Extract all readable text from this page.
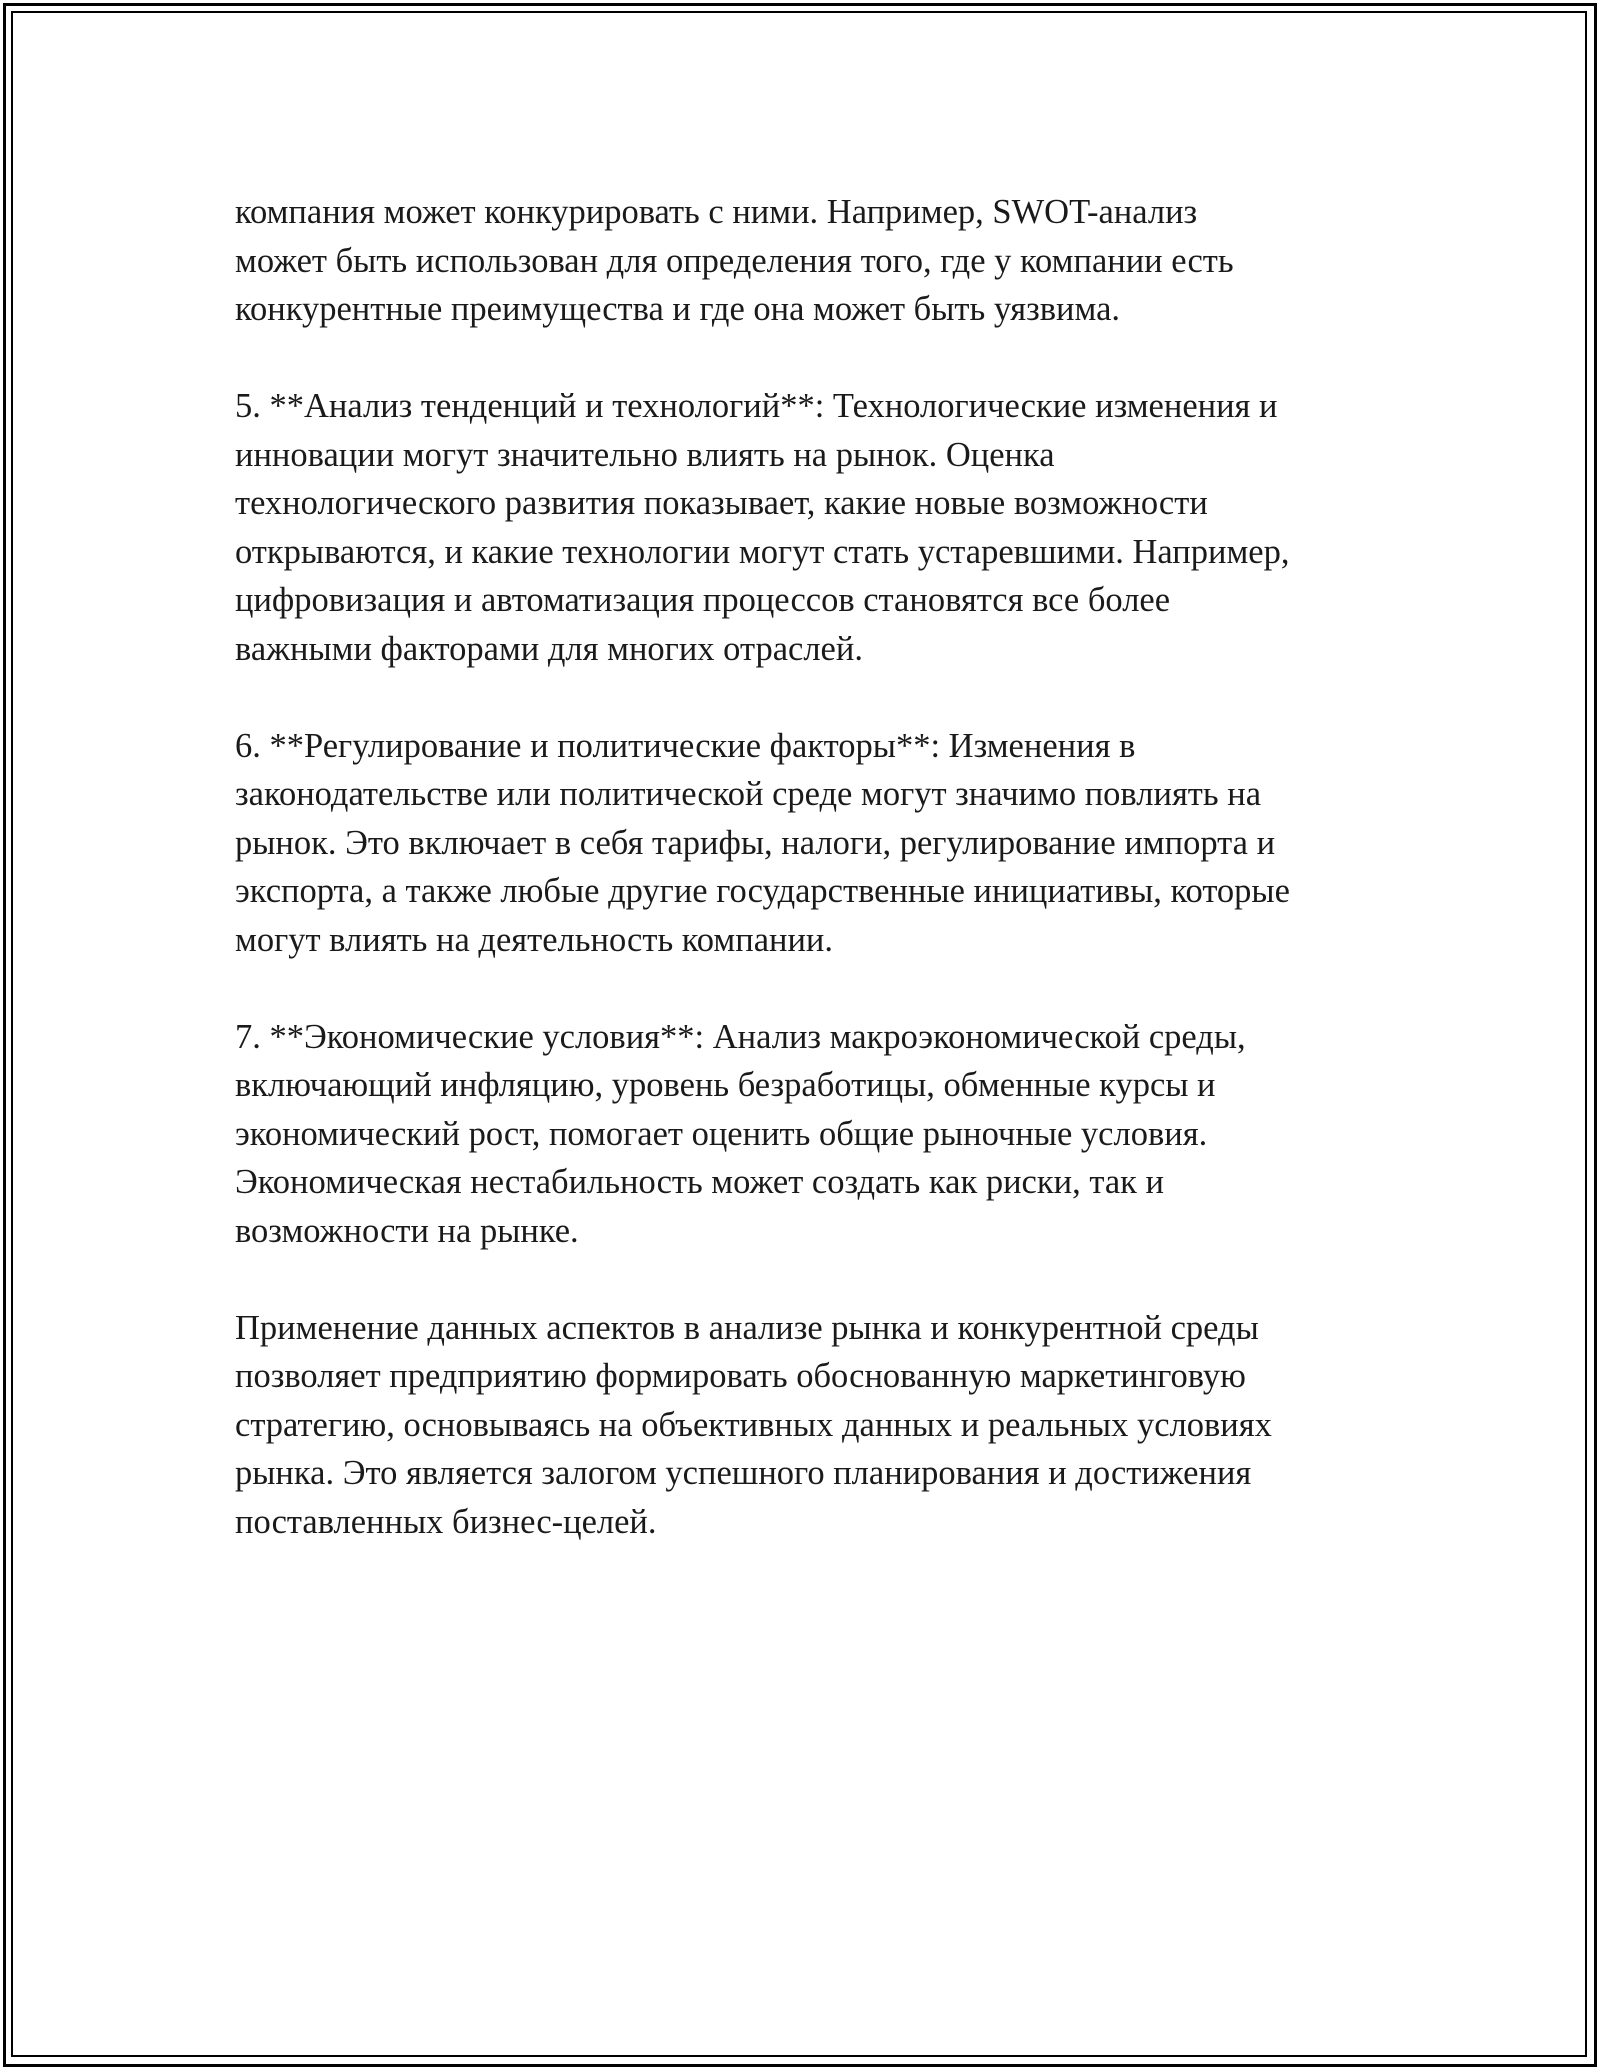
компания может конкурировать с ними. Например, SWOT-анализ
может быть использован для определения того, где у компании есть
конкурентные преимущества и где она может быть уязвима.

5. **Анализ тенденций и технологий**: Технологические изменения и
инновации могут значительно влиять на рынок. Оценка
технологического развития показывает, какие новые возможности
открываются, и какие технологии могут стать устаревшими. Например,
цифровизация и автоматизация процессов становятся все более
важными факторами для многих отраслей.

6. **Регулирование и политические факторы**: Изменения в
законодательстве или политической среде могут значимо повлиять на
рынок. Это включает в себя тарифы, налоги, регулирование импорта и
экспорта, а также любые другие государственные инициативы, которые
могут влиять на деятельность компании.

7. **Экономические условия**: Анализ макроэкономической среды,
включающий инфляцию, уровень безработицы, обменные курсы и
экономический рост, помогает оценить общие рыночные условия.
Экономическая нестабильность может создать как риски, так и
возможности на рынке.

Применение данных аспектов в анализе рынка и конкурентной среды
позволяет предприятию формировать обоснованную маркетинговую
стратегию, основываясь на объективных данных и реальных условиях
рынка. Это является залогом успешного планирования и достижения
поставленных бизнес-целей.
